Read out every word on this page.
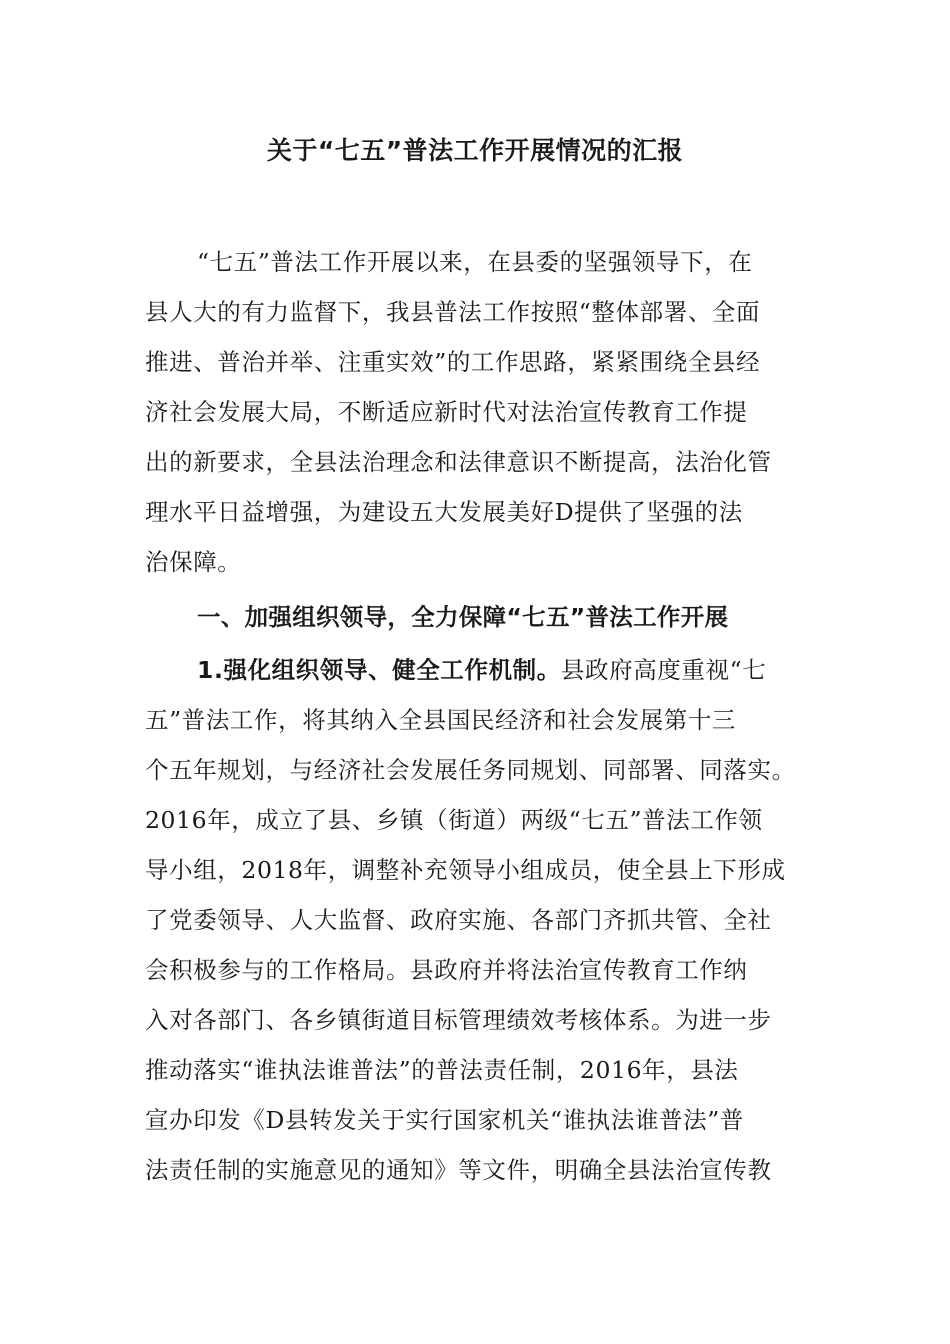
关于“七五”普法工作开展情况的汇报
“七五”普法工作开展以来，在县委的坚强领导下，在
县人大的有力监督下，我县普法工作按照“整体部署、全面
推进、普治并举、注重实效”的工作思路，紧紧围绕全县经
济社会发展大局，不断适应新时代对法治宣传教育工作提
出的新要求，全县法治理念和法律意识不断提高，法治化管
理水平日益增强，为建设五大发展美好D提供了坚强的法
治保障。
一、加强组织领导，全力保障“七五”普法工作开展
1.强化组织领导、健全工作机制。县政府高度重视“七
五”普法工作，将其纳入全县国民经济和社会发展第十三
个五年规划，与经济社会发展任务同规划、同部署、同落实。
2016年，成立了县、乡镇（街道）两级“七五”普法工作领
导小组，2018年，调整补充领导小组成员，使全县上下形成
了党委领导、人大监督、政府实施、各部门齐抓共管、全社
会积极参与的工作格局。县政府并将法治宣传教育工作纳
入对各部门、各乡镇街道目标管理绩效考核体系。为进一步
推动落实“谁执法谁普法”的普法责任制，2016年，县法
宣办印发《D县转发关于实行国家机关“谁执法谁普法”普
法责任制的实施意见的通知》等文件，明确全县法治宣传教
